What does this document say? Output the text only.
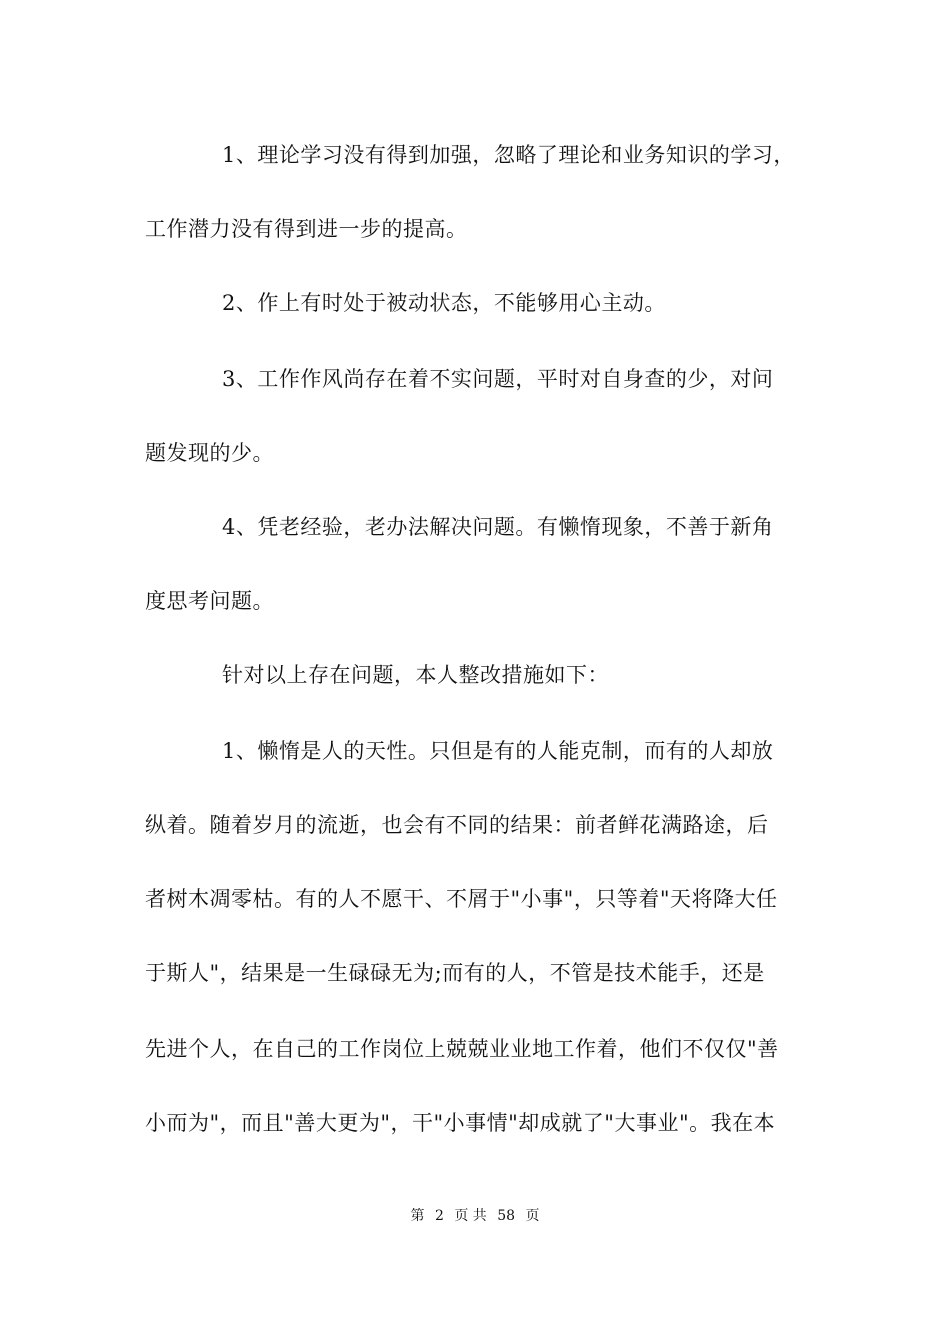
1、理论学习没有得到加强，忽略了理论和业务知识的学习，
工作潜力没有得到进一步的提高。
2、作上有时处于被动状态，不能够用心主动。
3、工作作风尚存在着不实问题，平时对自身查的少，对问
题发现的少。
4、凭老经验，老办法解决问题。有懒惰现象，不善于新角
度思考问题。
针对以上存在问题，本人整改措施如下：
1、懒惰是人的天性。只但是有的人能克制，而有的人却放
纵着。随着岁月的流逝，也会有不同的结果：前者鲜花满路途，后
者树木凋零枯。有的人不愿干、不屑于"小事"，只等着"天将降大任
于斯人"，结果是一生碌碌无为;而有的人，不管是技术能手，还是
先进个人，在自己的工作岗位上兢兢业业地工作着，他们不仅仅"善
小而为"，而且"善大更为"，干"小事情"却成就了"大事业"。我在本
第 2 页 共 58 页
